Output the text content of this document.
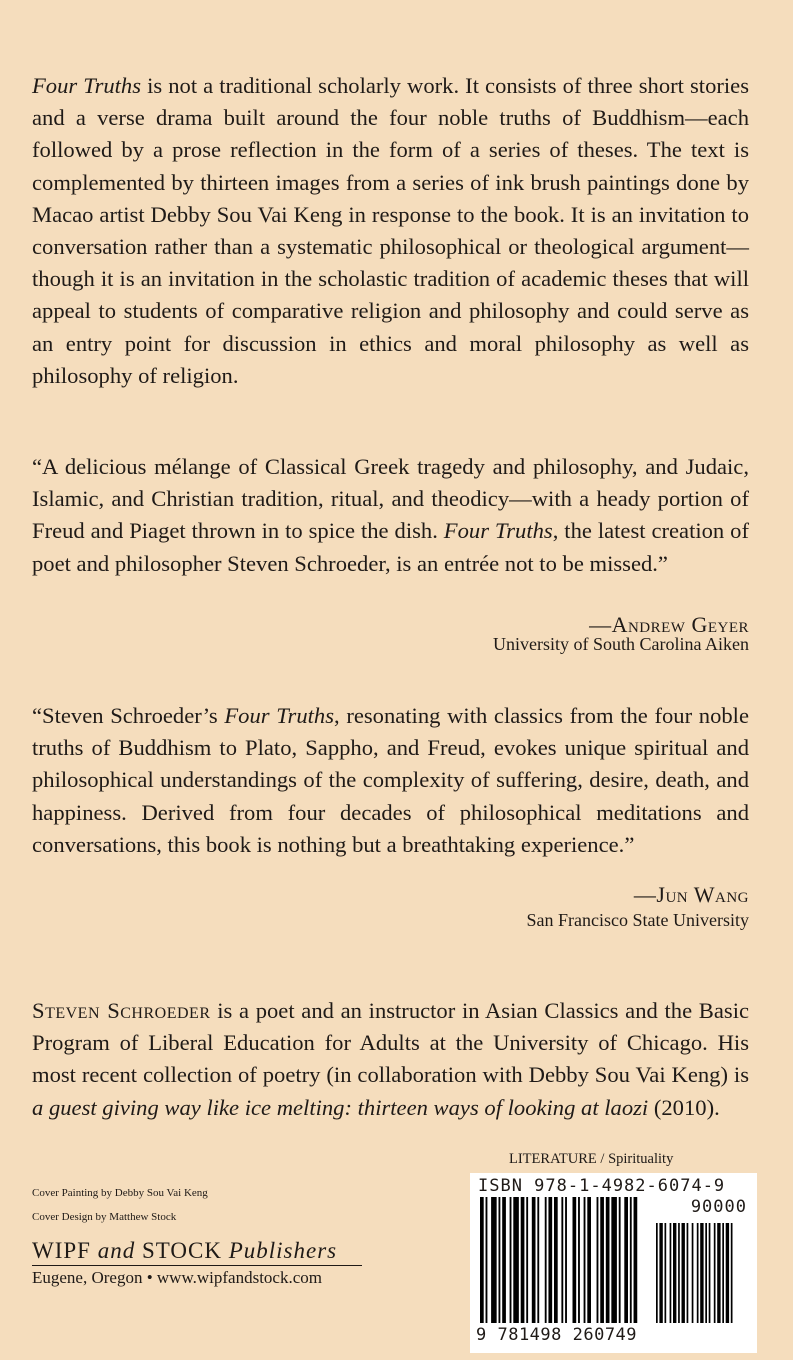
Four Truths is not a traditional scholarly work. It consists of three short stories and a verse drama built around the four noble truths of Buddhism—each followed by a prose reflection in the form of a series of theses. The text is complemented by thirteen images from a series of ink brush paintings done by Macao artist Debby Sou Vai Keng in response to the book. It is an invitation to conversation rather than a systematic philosophical or theological argument—though it is an invitation in the scholastic tradition of academic theses that will appeal to students of comparative religion and philosophy and could serve as an entry point for discussion in ethics and moral philosophy as well as philosophy of religion.

“A delicious mélange of Classical Greek tragedy and philosophy, and Judaic, Islamic, and Christian tradition, ritual, and theodicy—with a heady portion of Freud and Piaget thrown in to spice the dish. Four Truths, the latest creation of poet and philosopher Steven Schroeder, is an entrée not to be missed.”

—Andrew Geyer
University of South Carolina Aiken

“Steven Schroeder’s Four Truths, resonating with classics from the four noble truths of Buddhism to Plato, Sappho, and Freud, evokes unique spiritual and philosophical understandings of the complexity of suffering, desire, death, and happiness. Derived from four decades of philosophical meditations and conversations, this book is nothing but a breathtaking experience.”

—Jun Wang
San Francisco State University

Steven Schroeder is a poet and an instructor in Asian Classics and the Basic Program of Liberal Education for Adults at the University of Chicago. His most recent collection of poetry (in collaboration with Debby Sou Vai Keng) is a guest giving way like ice melting: thirteen ways of looking at laozi (2010).

Cover Painting by Debby Sou Vai Keng
Cover Design by Matthew Stock
WIPF and STOCK Publishers
Eugene, Oregon • www.wipfandstock.com
LITERATURE / Spirituality
ISBN 978-1-4982-6074-9
90000
9 781498 260749
